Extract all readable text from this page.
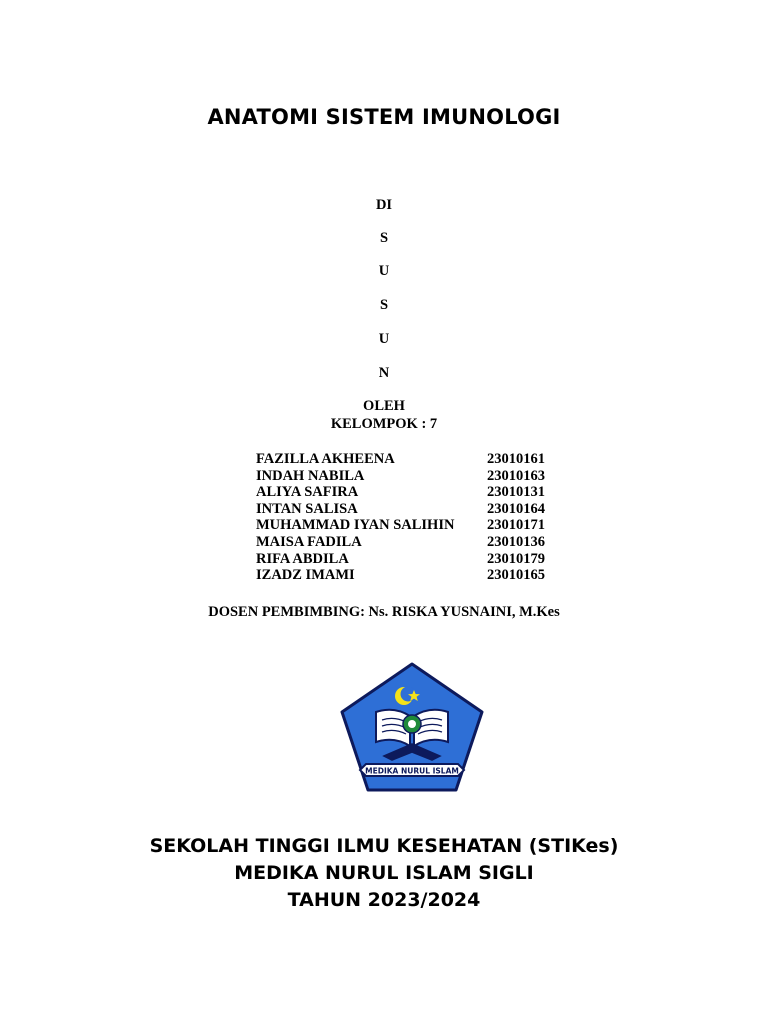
ANATOMI SISTEM IMUNOLOGI
DI
S
U
S
U
N
OLEH
KELOMPOK : 7
FAZILLA AKHEENA	23010161
INDAH NABILA	23010163
ALIYA SAFIRA	23010131
INTAN SALISA	23010164
MUHAMMAD IYAN SALIHIN	23010171
MAISA FADILA	23010136
RIFA ABDILA	23010179
IZADZ IMAMI	23010165
DOSEN PEMBIMBING: Ns. RISKA YUSNAINI, M.Kes
MEDIKA NURUL ISLAM
SEKOLAH TINGGI ILMU KESEHATAN (STIKes)
MEDIKA NURUL ISLAM SIGLI
TAHUN 2023/2024
